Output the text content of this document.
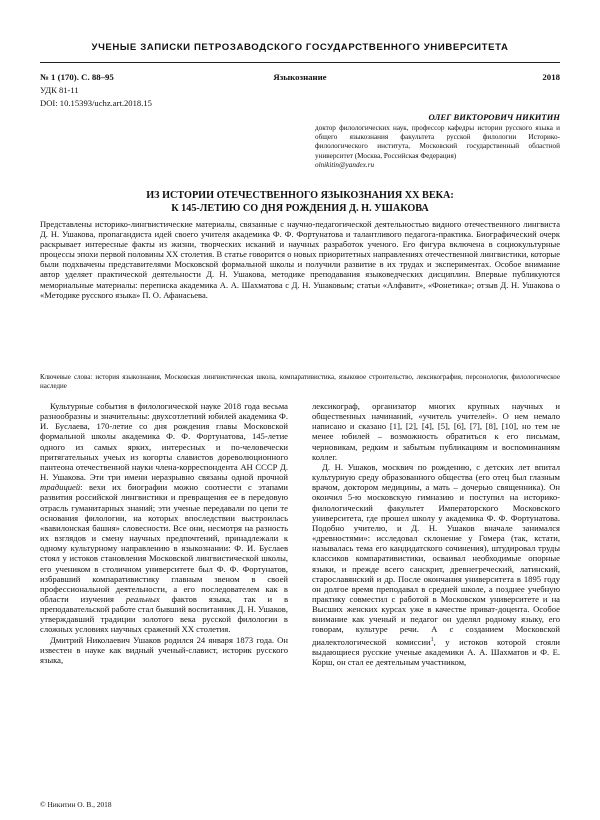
УЧЕНЫЕ ЗАПИСКИ ПЕТРОЗАВОДСКОГО ГОСУДАРСТВЕННОГО УНИВЕРСИТЕТА
№ 1 (170). С. 88–95	Языкознание	2018
УДК 81-11
DOI: 10.15393/uchz.art.2018.15
ОЛЕГ ВИКТОРОВИЧ НИКИТИН
доктор филологических наук, профессор кафедры истории русского языка и общего языкознания факультета русской филологии Историко-филологического института, Московский государственный областной университет (Москва, Российская Федерация)
olnikitin@yandex.ru
ИЗ ИСТОРИИ ОТЕЧЕСТВЕННОГО ЯЗЫКОЗНАНИЯ XX ВЕКА:
К 145-ЛЕТИЮ СО ДНЯ РОЖДЕНИЯ Д. Н. УШАКОВА
Представлены историко-лингвистические материалы, связанные с научно-педагогической деятельностью видного отечественного лингвиста Д. Н. Ушакова, пропагандиста идей своего учителя академика Ф. Ф. Фортунатова и талантливого педагога-практика. Биографический очерк раскрывает интересные факты из жизни, творческих исканий и научных разработок ученого. Его фигура включена в социокультурные процессы эпохи первой половины XX столетия. В статье говорится о новых приоритетных направлениях отечественной лингвистики, которые были подхвачены представителями Московской формальной школы и получили развитие в их трудах и экспериментах. Особое внимание автор уделяет практической деятельности Д. Н. Ушакова, методике преподавания языковедческих дисциплин. Впервые публикуются мемориальные материалы: переписка академика А. А. Шахматова с Д. Н. Ушаковым; статьи «Алфавит», «Фонетика»; отзыв Д. Н. Ушакова о «Методике русского языка» П. О. Афанасьева.
Ключевые слова: история языкознания, Московская лингвистическая школа, компаративистика, языковое строительство, лексикография, персонология, филологическое наследие

Культурные события в филологической науке 2018 года весьма разнообразны и значительны: двухсотлетний юбилей академика Ф. И. Буслаева, 170-летие со дня рождения главы Московской формальной школы академика Ф. Ф. Фортунатова, 145-летие одного из самых ярких, интересных и по-человечески притягательных учеых из когорты славистов дореволюционного пантеона отечественной науки члена-корреспондента АН СССР Д. Н. Ушакова. Эти три имени неразрывно связаны одной прочной традицией: вехи их биографии можно соотнести с этапами развития российской лингвистики и превращения ее в передовую отрасль гуманитарных знаний; эти ученые передавали по цепи те основания филологии, на которых впоследствии выстроилась «вавилонская башня» словесности. Все они, несмотря на разность их взглядов и смену научных предпочтений, принадлежали к одному культурному направлению в языкознании: Ф. И. Буслаев стоял у истоков становления Московской лингвистической школы, его учеником в столичном университете был Ф. Ф. Фортунатов, избравший компаративистику главным звеном в своей профессиональной деятельности, а его последователем как в области изучения реальных фактов языка, так и в преподавательской работе стал бывший воспитанник Д. Н. Ушаков, утверждавший традиции золотого века русской филологии в сложных условиях научных сражений XX столетия.

Дмитрий Николаевич Ушаков родился 24 января 1873 года. Он известен в науке как видный ученый-славист, историк русского языка,

лексикограф, организатор многих крупных научных и общественных начинаний, «учитель учителей». О нем немало написано и сказано [1], [2], [4], [5], [6], [7], [8], [10], но тем не менее юбилей – возможность обратиться к его письмам, черновикам, редким и забытым публикациям и воспоминаниям коллег.

Д. Н. Ушаков, москвич по рождению, с детских лет впитал культурную среду образованного общества (его отец был глазным врачом, доктором медицины, а мать – дочерью священника). Он окончил 5-ю московскую гимназию и поступил на историко-филологический факультет Императорского Московского университета, где прошел школу у академика Ф. Ф. Фортунатова. Подобно учителю, и Д. Н. Ушаков вначале занимался «древностями»: исследовал склонение у Гомера (так, кстати, называлась тема его кандидатского сочинения), штудировал труды классиков компаративистики, осваивал необходимые опорные языки, и прежде всего санскрит, древнегреческий, латинский, старославянский и др. После окончания университета в 1895 году он долгое время преподавал в средней школе, а позднее учебную практику совместил с работой в Московском университете и на Высших женских курсах уже в качестве приват-доцента. Особое внимание как ученый и педагог он уделял родному языку, его говорам, культуре речи. А с созданием Московской диалектологической комиссии$^1$, у истоков которой стояли выдающиеся русские ученые академики А. А. Шахматов и Ф. Е. Корш, он стал ее деятельным участником,

© Никитин О. В., 2018
